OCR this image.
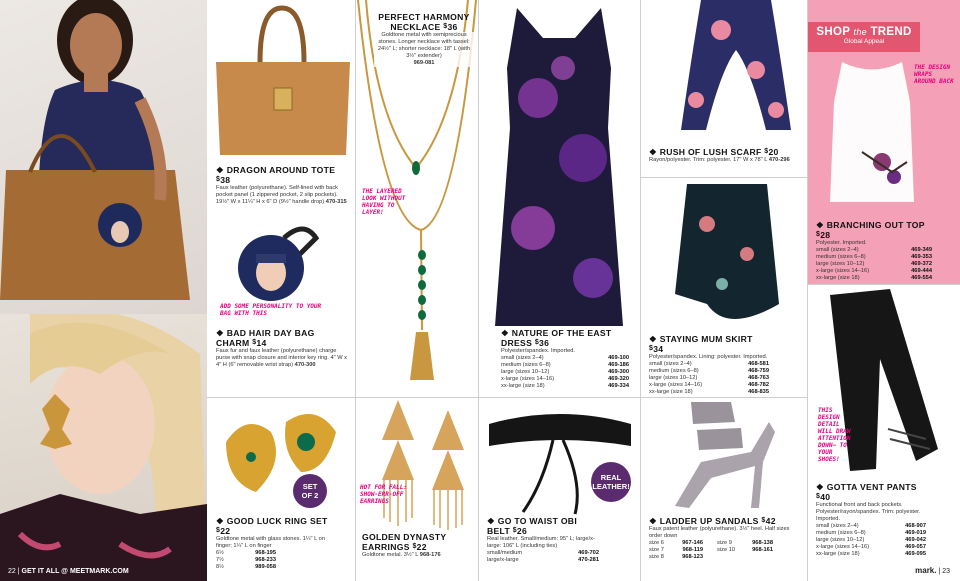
22 | GET IT ALL @ MEETMARK.COM
❖ DRAGON AROUND TOTE $38
Faux leather (polyurethane). Self-lined with back pocket panel (1 zippered pocket, 2 slip pockets). 19½" W x 11¼" H x 6" D (9½" handle drop) 470-315
ADD SOME PERSONALITY TO YOUR BAG WITH THIS
❖ BAD HAIR DAY BAG CHARM $14
Faux fur and faux leather (polyurethane) charge purse with snap closure and interior key ring. 4" W x 4" H (6" removable wrist strap) 470-300
PERFECT HARMONY NECKLACE $36
Goldtone metal with semiprecious stones. Longer necklace with tassel: 24½" L; shorter necklace: 18" L (with 3½" extender)
969-081
THE LAYERED LOOK WITHOUT HAVING TO LAYER!
❖ NATURE OF THE EAST DRESS $36
Polyester/spandex. Imported.
small (sizes 2–4)	469-100
medium (sizes 6–8)	469-186
large (sizes 10–12)	469-300
x-large (sizes 14–16)	469-320
xx-large (size 18)	469-334
❖ RUSH OF LUSH SCARF $20
Rayon/polyester. Trim: polyester. 17" W x 78" L 470-296
❖ STAYING MUM SKIRT $34
Polyester/spandex. Lining: polyester. Imported.
small (sizes 2–4)	468-581
medium (sizes 6–8)	468-759
large (sizes 10–12)	468-763
x-large (sizes 14–16)	468-782
xx-large (size 18)	468-835
SHOP the TREND
Global Appeal
THE DESIGN WRAPS AROUND BACK
❖ BRANCHING OUT TOP $28
Polyester. Imported.
small (sizes 2–4)	469-349
medium (sizes 6–8)	469-353
large (sizes 10–12)	469-372
x-large (sizes 14–16)	469-444
xx-large (size 18)	469-554
THIS DESIGN DETAIL WILL DRAW ATTENTION DOWN— TO YOUR SHOES!
❖ GOTTA VENT PANTS $40
Functional front and back pockets. Polyester/rayon/spandex. Trim: polyester. Imported.
small (sizes 2–4)	468-907
medium (sizes 6–8)	469-019
large (sizes 10–12)	469-042
x-large (sizes 14–16)	469-057
xx-large (size 18)	469-095
mark. | 23
SET OF 2
❖ GOOD LUCK RING SET $22
Goldtone metal with glass stones. 1¼" L on finger; 1¼" L on finger
6½	968-195
7½	968-233
8½	989-058
HOT FOR FALL: SHOW-ERR-OFF EARRINGS
GOLDEN DYNASTY EARRINGS $22
Goldtone metal. 3½" L 968-176
REAL LEATHER!
❖ GO TO WAIST OBI BELT $26
Real leather. Small/medium: 95" L; large/x-large: 106" L (including ties)
small/medium	469-702
large/x-large	470-281
❖ LADDER UP SANDALS $42
Faux patent leather (polyurethane). 3½" heel. Half sizes order down
size 6	967-146
size 7	968-119
size 8	968-123
size 9	968-138
size 10	968-161
